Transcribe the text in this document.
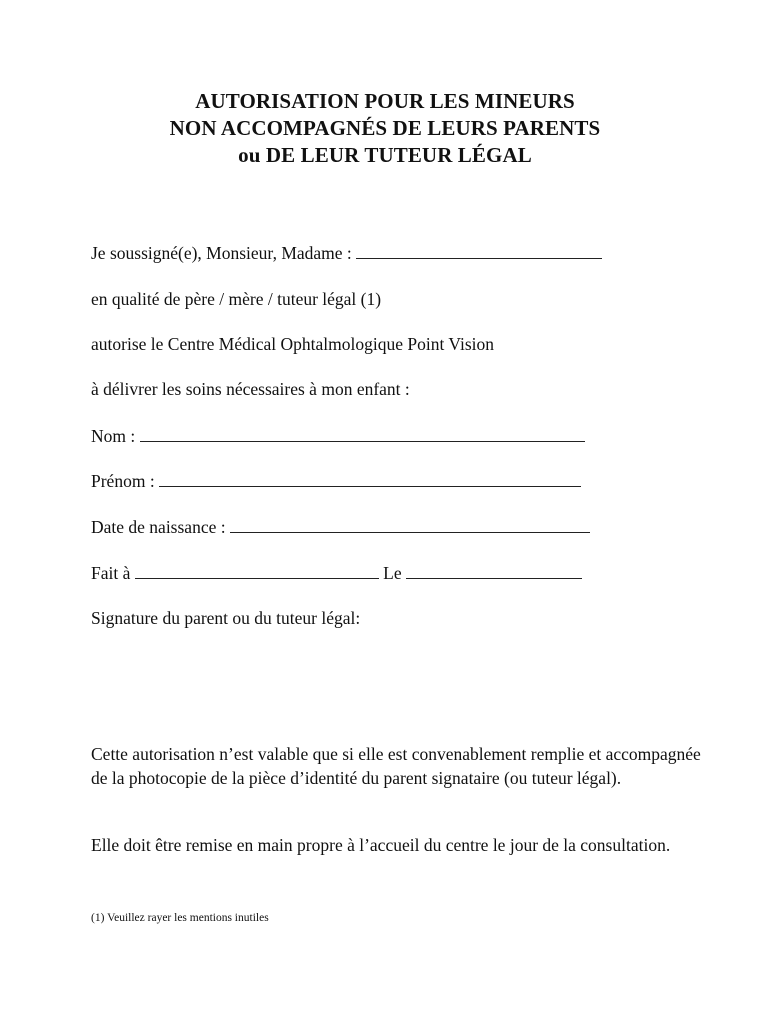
AUTORISATION POUR LES MINEURS
NON ACCOMPAGNÉS DE LEURS PARENTS
ou DE LEUR TUTEUR LÉGAL
Je soussigné(e), Monsieur, Madame :
en qualité de père / mère / tuteur légal (1)
autorise le Centre Médical Ophtalmologique Point Vision
à délivrer les soins nécessaires à mon enfant :
Nom :
Prénom :
Date de naissance :
Fait à	Le
Signature du parent ou du tuteur légal:
Cette autorisation n’est valable que si elle est convenablement remplie et accompagnée de la photocopie de la pièce d’identité du parent signataire (ou tuteur légal).
Elle doit être remise en main propre à l’accueil du centre le jour de la consultation.
(1) Veuillez rayer les mentions inutiles
